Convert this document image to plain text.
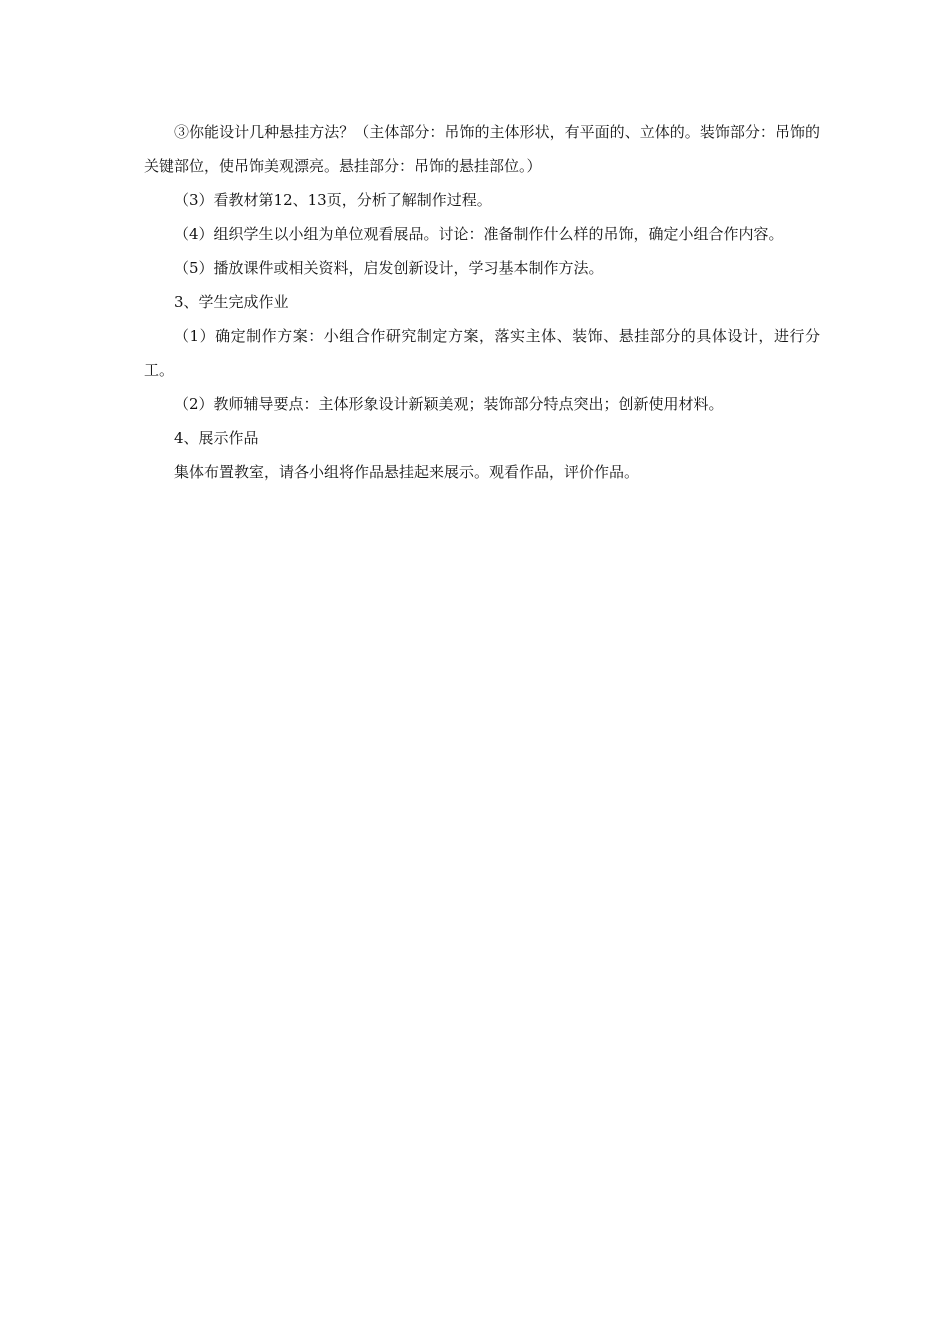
③你能设计几种悬挂方法？（主体部分：吊饰的主体形状，有平面的、立体的。装饰部分：吊饰的关键部位，使吊饰美观漂亮。悬挂部分：吊饰的悬挂部位。）

（3）看教材第12、13页，分析了解制作过程。

（4）组织学生以小组为单位观看展品。讨论：准备制作什么样的吊饰，确定小组合作内容。

（5）播放课件或相关资料，启发创新设计，学习基本制作方法。

3、学生完成作业

（1）确定制作方案：小组合作研究制定方案，落实主体、装饰、悬挂部分的具体设计，进行分工。

（2）教师辅导要点：主体形象设计新颖美观；装饰部分特点突出；创新使用材料。

4、展示作品

集体布置教室，请各小组将作品悬挂起来展示。观看作品，评价作品。
